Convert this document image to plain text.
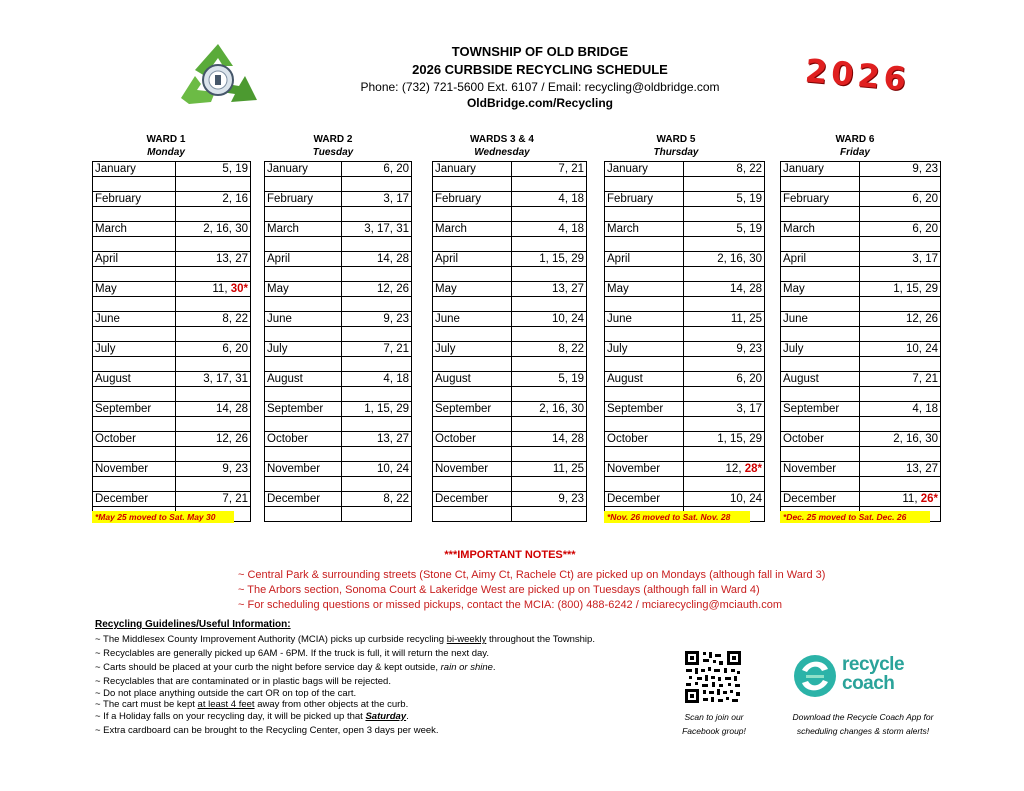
TOWNSHIP OF OLD BRIDGE
2026 CURBSIDE RECYCLING SCHEDULE
Phone: (732) 721-5600 Ext. 6107 / Email: recycling@oldbridge.com
OldBridge.com/Recycling
2026
WARD 1
Monday
January	5, 19

February	2, 16

March	2, 16, 30

April	13, 27

May	11, 30*

June	8, 22

July	6, 20

August	3, 17, 31

September	14, 28

October	12, 26

November	9, 23

December	7, 21

*May 25 moved to Sat. May 30
WARD 2
Tuesday
January	6, 20

February	3, 17

March	3, 17, 31

April	14, 28

May	12, 26

June	9, 23

July	7, 21

August	4, 18

September	1, 15, 29

October	13, 27

November	10, 24

December	8, 22

WARDS 3 & 4
Wednesday
January	7, 21

February	4, 18

March	4, 18

April	1, 15, 29

May	13, 27

June	10, 24

July	8, 22

August	5, 19

September	2, 16, 30

October	14, 28

November	11, 25

December	9, 23

WARD 5
Thursday
January	8, 22

February	5, 19

March	5, 19

April	2, 16, 30

May	14, 28

June	11, 25

July	9, 23

August	6, 20

September	3, 17

October	1, 15, 29

November	12, 28*

December	10, 24

*Nov. 26 moved to Sat. Nov. 28
WARD 6
Friday
January	9, 23

February	6, 20

March	6, 20

April	3, 17

May	1, 15, 29

June	12, 26

July	10, 24

August	7, 21

September	4, 18

October	2, 16, 30

November	13, 27

December	11, 26*

*Dec. 25 moved to Sat. Dec. 26
***IMPORTANT NOTES***
~ Central Park & surrounding streets (Stone Ct, Aimy Ct, Rachele Ct) are picked up on Mondays (although fall in Ward 3)
~ The Arbors section, Sonoma Court & Lakeridge West are picked up on Tuesdays (although fall in Ward 4)
~ For scheduling questions or missed pickups, contact the MCIA: (800) 488-6242 / mciarecycling@mciauth.com
Recycling Guidelines/Useful Information:
~ The Middlesex County Improvement Authority (MCIA) picks up curbside recycling bi-weekly throughout the Township.
~ Recyclables are generally picked up 6AM - 6PM. If the truck is full, it will return the next day.
~ Carts should be placed at your curb the night before service day & kept outside, rain or shine.
~ Recyclables that are contaminated or in plastic bags will be rejected.
~ Do not place anything outside the cart OR on top of the cart.
~ The cart must be kept at least 4 feet away from other objects at the curb.
~ If a Holiday falls on your recycling day, it will be picked up that Saturday.
~ Extra cardboard can be brought to the Recycling Center, open 3 days per week.
Scan to join our
Facebook group!
recycle
coach
Download the Recycle Coach App for
scheduling changes & storm alerts!
